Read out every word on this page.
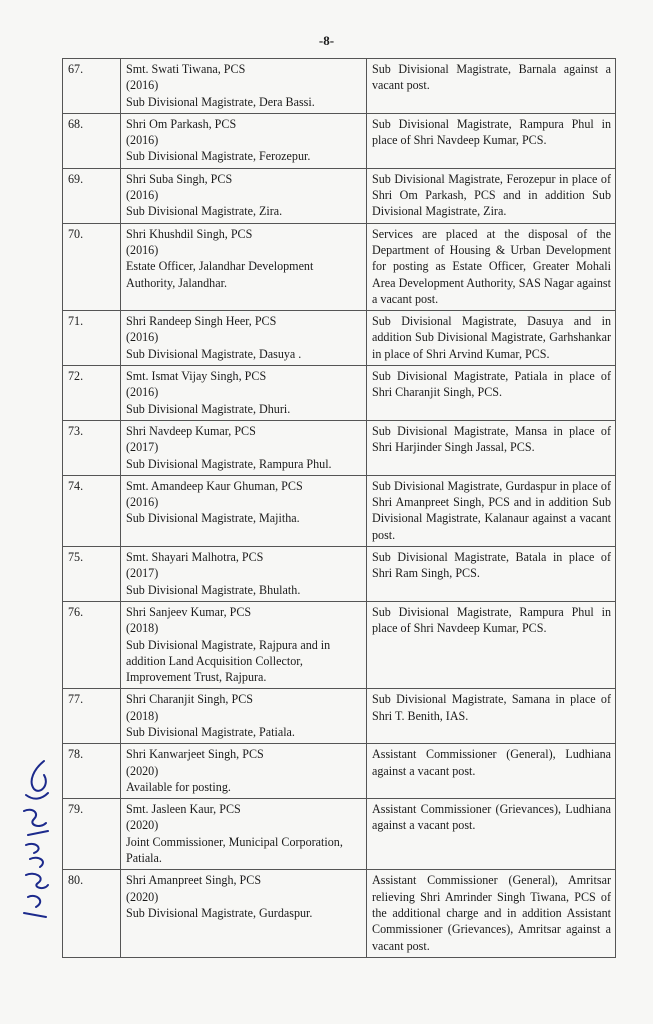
-8-
67.	Smt. Swati Tiwana, PCS
(2016)
Sub Divisional Magistrate, Dera Bassi.	Sub Divisional Magistrate, Barnala against a vacant post.
68.	Shri Om Parkash, PCS
(2016)
Sub Divisional Magistrate, Ferozepur.	Sub Divisional Magistrate, Rampura Phul in place of Shri Navdeep Kumar, PCS.
69.	Shri Suba Singh, PCS
(2016)
Sub Divisional Magistrate, Zira.	Sub Divisional Magistrate, Ferozepur in place of Shri Om Parkash, PCS and in addition Sub Divisional Magistrate, Zira.
70.	Shri Khushdil Singh, PCS
(2016)
Estate Officer, Jalandhar Development Authority, Jalandhar.	Services are placed at the disposal of the Department of Housing & Urban Development for posting as Estate Officer, Greater Mohali Area Development Authority, SAS Nagar against a vacant post.
71.	Shri Randeep Singh Heer, PCS
(2016)
Sub Divisional Magistrate, Dasuya .	Sub Divisional Magistrate, Dasuya and in addition Sub Divisional Magistrate, Garhshankar in place of Shri Arvind Kumar, PCS.
72.	Smt. Ismat Vijay Singh, PCS
(2016)
Sub Divisional Magistrate, Dhuri.	Sub Divisional Magistrate, Patiala in place of Shri Charanjit Singh, PCS.
73.	Shri Navdeep Kumar, PCS
(2017)
Sub Divisional Magistrate, Rampura Phul.	Sub Divisional Magistrate, Mansa in place of Shri Harjinder Singh Jassal, PCS.
74.	Smt. Amandeep Kaur Ghuman, PCS
(2016)
Sub Divisional Magistrate, Majitha.	Sub Divisional Magistrate, Gurdaspur in place of Shri Amanpreet Singh, PCS and in addition Sub Divisional Magistrate, Kalanaur against a vacant post.
75.	Smt. Shayari Malhotra, PCS
(2017)
Sub Divisional Magistrate, Bhulath.	Sub Divisional Magistrate, Batala in place of Shri Ram Singh, PCS.
76.	Shri Sanjeev Kumar, PCS
(2018)
Sub Divisional Magistrate, Rajpura and in addition Land Acquisition Collector, Improvement Trust, Rajpura.	Sub Divisional Magistrate, Rampura Phul in place of Shri Navdeep Kumar, PCS.
77.	Shri Charanjit Singh, PCS
(2018)
Sub Divisional Magistrate, Patiala.	Sub Divisional Magistrate, Samana in place of Shri T. Benith, IAS.
78.	Shri Kanwarjeet Singh, PCS
(2020)
Available for posting.	Assistant Commissioner (General), Ludhiana against a vacant post.
79.	Smt. Jasleen Kaur, PCS
(2020)
Joint Commissioner, Municipal Corporation, Patiala.	Assistant Commissioner (Grievances), Ludhiana against a vacant post.
80.	Shri Amanpreet Singh, PCS
(2020)
Sub Divisional Magistrate, Gurdaspur.	Assistant Commissioner (General), Amritsar relieving Shri Amrinder Singh Tiwana, PCS of the additional charge and in addition Assistant Commissioner (Grievances), Amritsar against a vacant post.
